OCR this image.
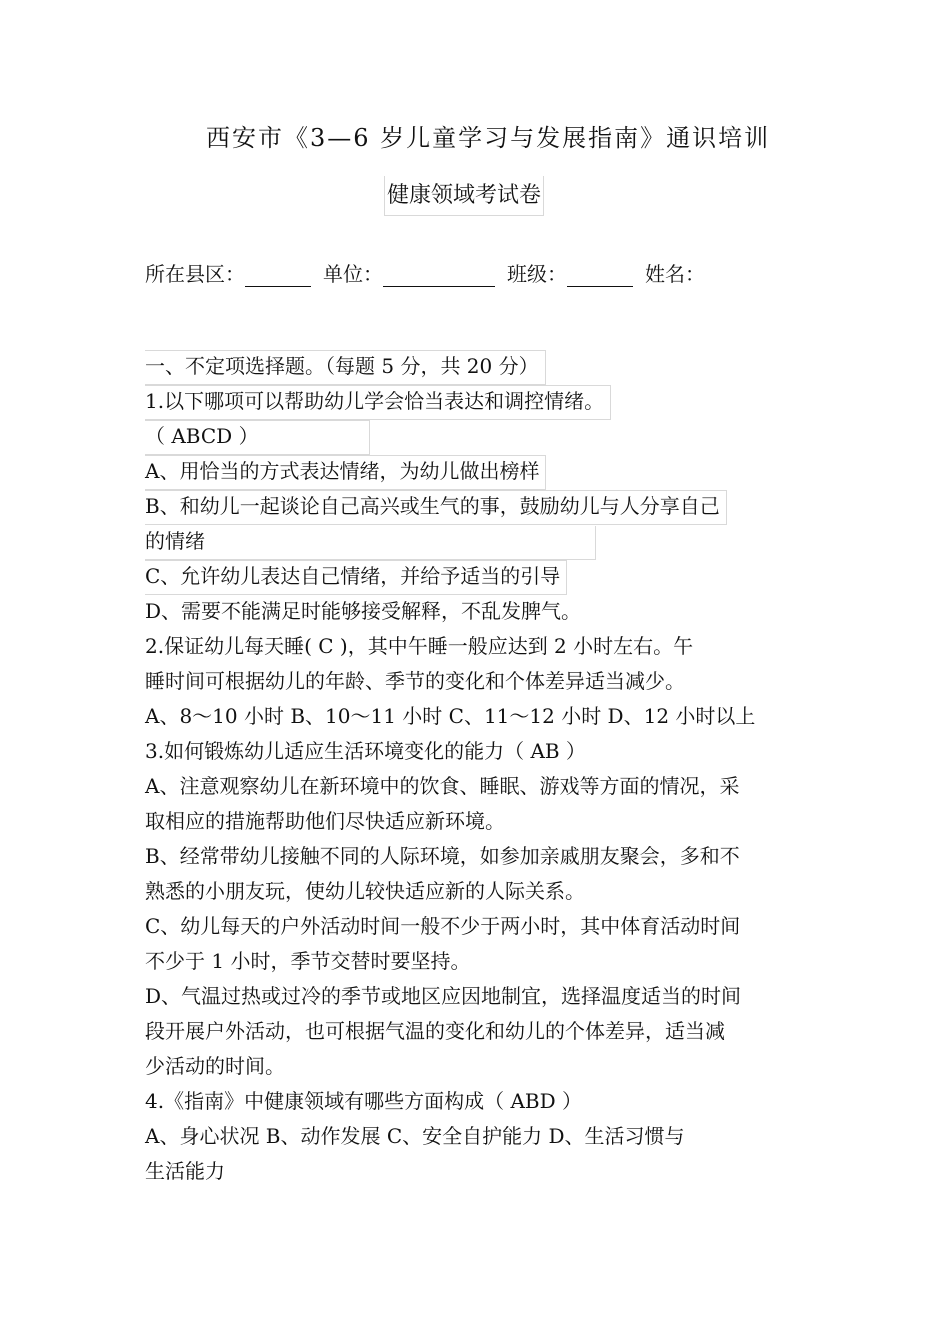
西安市《3—6 岁儿童学习与发展指南》通识培训
健康领域考试卷
所在县区：	单位：	班级：	姓名：
一、不定项选择题。（每题 5 分，共 20 分）
1.以下哪项可以帮助幼儿学会恰当表达和调控情绪。
（ ABCD ）
A、用恰当的方式表达情绪，为幼儿做出榜样
B、和幼儿一起谈论自己高兴或生气的事，鼓励幼儿与人分享自己
的情绪
C、允许幼儿表达自己情绪，并给予适当的引导
D、需要不能满足时能够接受解释，不乱发脾气。
2.保证幼儿每天睡( C )，其中午睡一般应达到 2 小时左右。午
睡时间可根据幼儿的年龄、季节的变化和个体差异适当减少。
A、8～10 小时 B、10～11 小时 C、11～12 小时 D、12 小时以上
3.如何锻炼幼儿适应生活环境变化的能力（ AB ）
A、注意观察幼儿在新环境中的饮食、睡眠、游戏等方面的情况，采
取相应的措施帮助他们尽快适应新环境。
B、经常带幼儿接触不同的人际环境，如参加亲戚朋友聚会，多和不
熟悉的小朋友玩，使幼儿较快适应新的人际关系。
C、幼儿每天的户外活动时间一般不少于两小时，其中体育活动时间
不少于 1 小时，季节交替时要坚持。
D、气温过热或过冷的季节或地区应因地制宜，选择温度适当的时间
段开展户外活动，也可根据气温的变化和幼儿的个体差异，适当减
少活动的时间。
4.《指南》中健康领域有哪些方面构成（ ABD ）
A、身心状况 B、动作发展 C、安全自护能力 D、生活习惯与
生活能力
